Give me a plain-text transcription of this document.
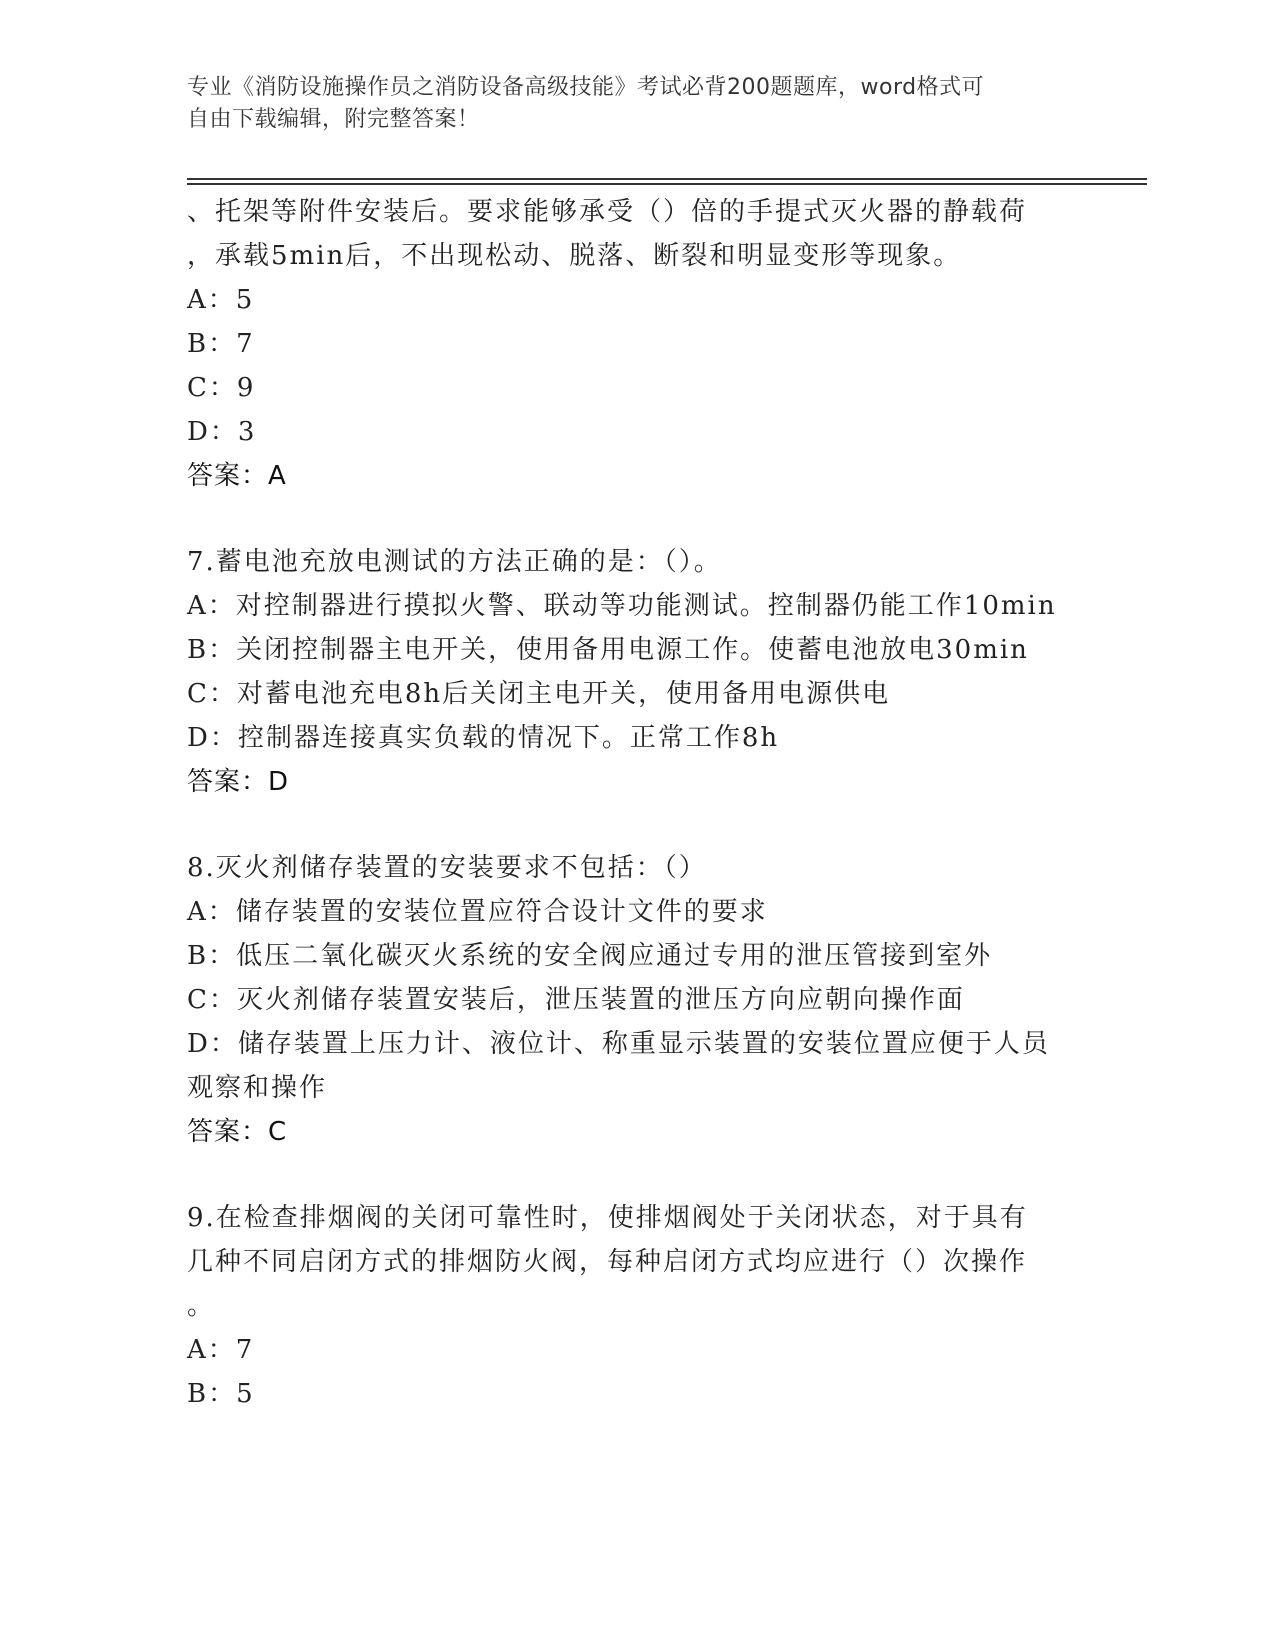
专业《消防设施操作员之消防设备高级技能》考试必背200题题库，word格式可
自由下载编辑，附完整答案！
、托架等附件安装后。要求能够承受（）倍的手提式灭火器的静载荷
，承载5min后，不出现松动、脱落、断裂和明显变形等现象。
A：5
B：7
C：9
D：3
答案：A
7.蓄电池充放电测试的方法正确的是：（）。
A：对控制器进行摸拟火警、联动等功能测试。控制器仍能工作10min
B：关闭控制器主电开关，使用备用电源工作。使蓄电池放电30min
C：对蓄电池充电8h后关闭主电开关，使用备用电源供电
D：控制器连接真实负载的情况下。正常工作8h
答案：D
8.灭火剂储存装置的安装要求不包括：（）
A：储存装置的安装位置应符合设计文件的要求
B：低压二氧化碳灭火系统的安全阀应通过专用的泄压管接到室外
C：灭火剂储存装置安装后，泄压装置的泄压方向应朝向操作面
D：储存装置上压力计、液位计、称重显示装置的安装位置应便于人员
观察和操作
答案：C
9.在检查排烟阀的关闭可靠性时，使排烟阀处于关闭状态，对于具有
几种不同启闭方式的排烟防火阀，每种启闭方式均应进行（）次操作
。
A：7
B：5
